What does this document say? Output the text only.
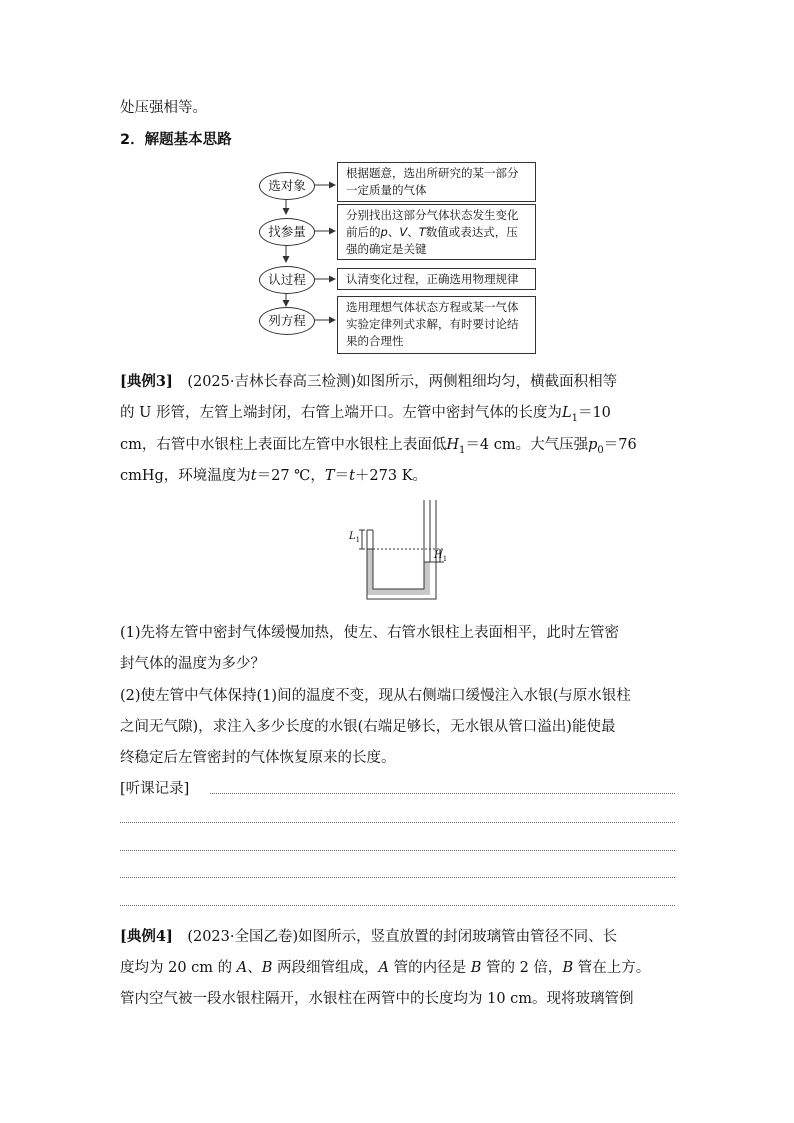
处压强相等。
2．解题基本思路
选对象
找参量
认过程
列方程
根据题意，选出所研究的某一部分一定质量的气体
分别找出这部分气体状态发生变化前后的p、V、T数值或表达式，压强的确定是关键
认清变化过程，正确选用物理规律
选用理想气体状态方程或某一气体实验定律列式求解，有时要讨论结果的合理性
[典例3]　 (2025·吉林长春高三检测)如图所示，两侧粗细均匀，横截面积相等
的 U 形管，左管上端封闭，右管上端开口。左管中密封气体的长度为$L_1=10$
cm，右管中水银柱上表面比左管中水银柱上表面低$H_1=4$ cm。大气压强$p_0=76$
cmHg，环境温度为t＝27 ℃，T＝t＋273 K。
$L_1$
$H_1$
(1)先将左管中密封气体缓慢加热，使左、右管水银柱上表面相平，此时左管密
封气体的温度为多少？
(2)使左管中气体保持(1)间的温度不变，现从右侧端口缓慢注入水银(与原水银柱
之间无气隙)，求注入多少长度的水银(右端足够长，无水银从管口溢出)能使最
终稳定后左管密封的气体恢复原来的长度。
[听课记录]
[典例4]　 (2023·全国乙卷)如图所示，竖直放置的封闭玻璃管由管径不同、长
度均为 20 cm 的 A、B 两段细管组成，A 管的内径是 B 管的 2 倍，B 管在上方。
管内空气被一段水银柱隔开，水银柱在两管中的长度均为 10 cm。现将玻璃管倒
